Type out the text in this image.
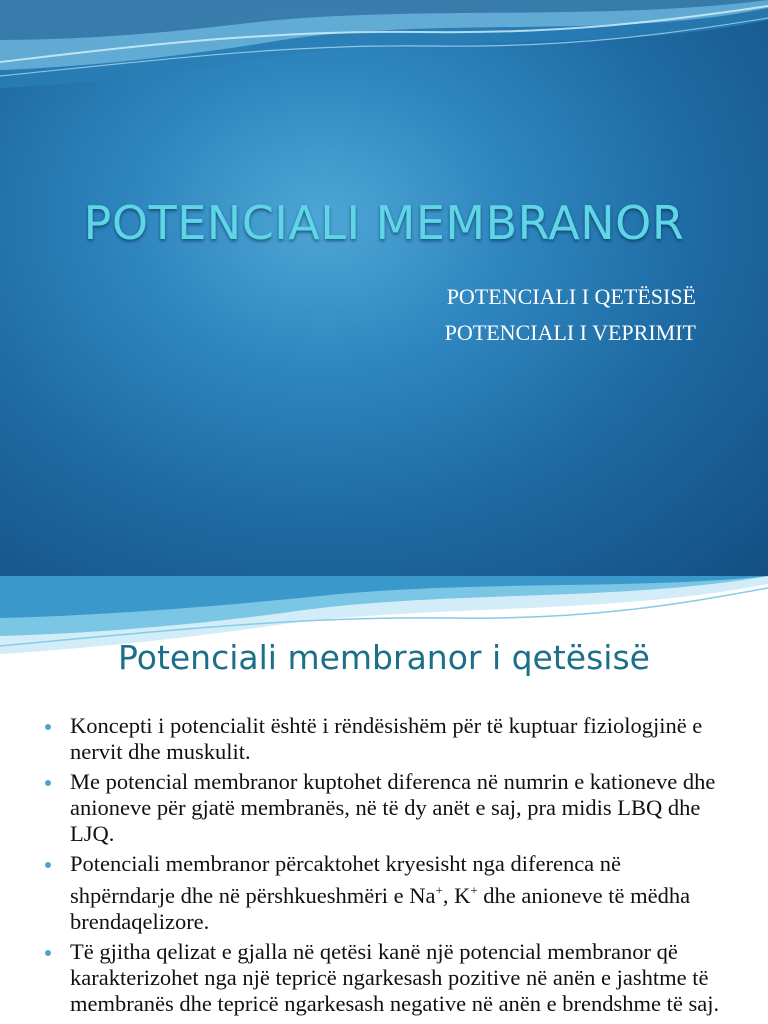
POTENCIALI MEMBRANOR
POTENCIALI I QETËSISË
POTENCIALI I VEPRIMIT
Potenciali membranor i qetësisë
Koncepti i potencialit është i rëndësishëm për të kuptuar fiziologjinë e nervit dhe muskulit.
Me potencial membranor kuptohet diferenca në numrin e kationeve dhe anioneve për gjatë membranës, në të dy anët e saj, pra midis LBQ dhe LJQ.
Potenciali membranor përcaktohet kryesisht nga diferenca në shpërndarje dhe në përshkueshmëri e Na+, K+ dhe anioneve të mëdha brendaqelizore.
Të gjitha qelizat e gjalla në qetësi kanë një potencial membranor që karakterizohet nga një tepricë ngarkesash pozitive në anën e jashtme të membranës dhe tepricë ngarkesash negative në anën e brendshme të saj.
